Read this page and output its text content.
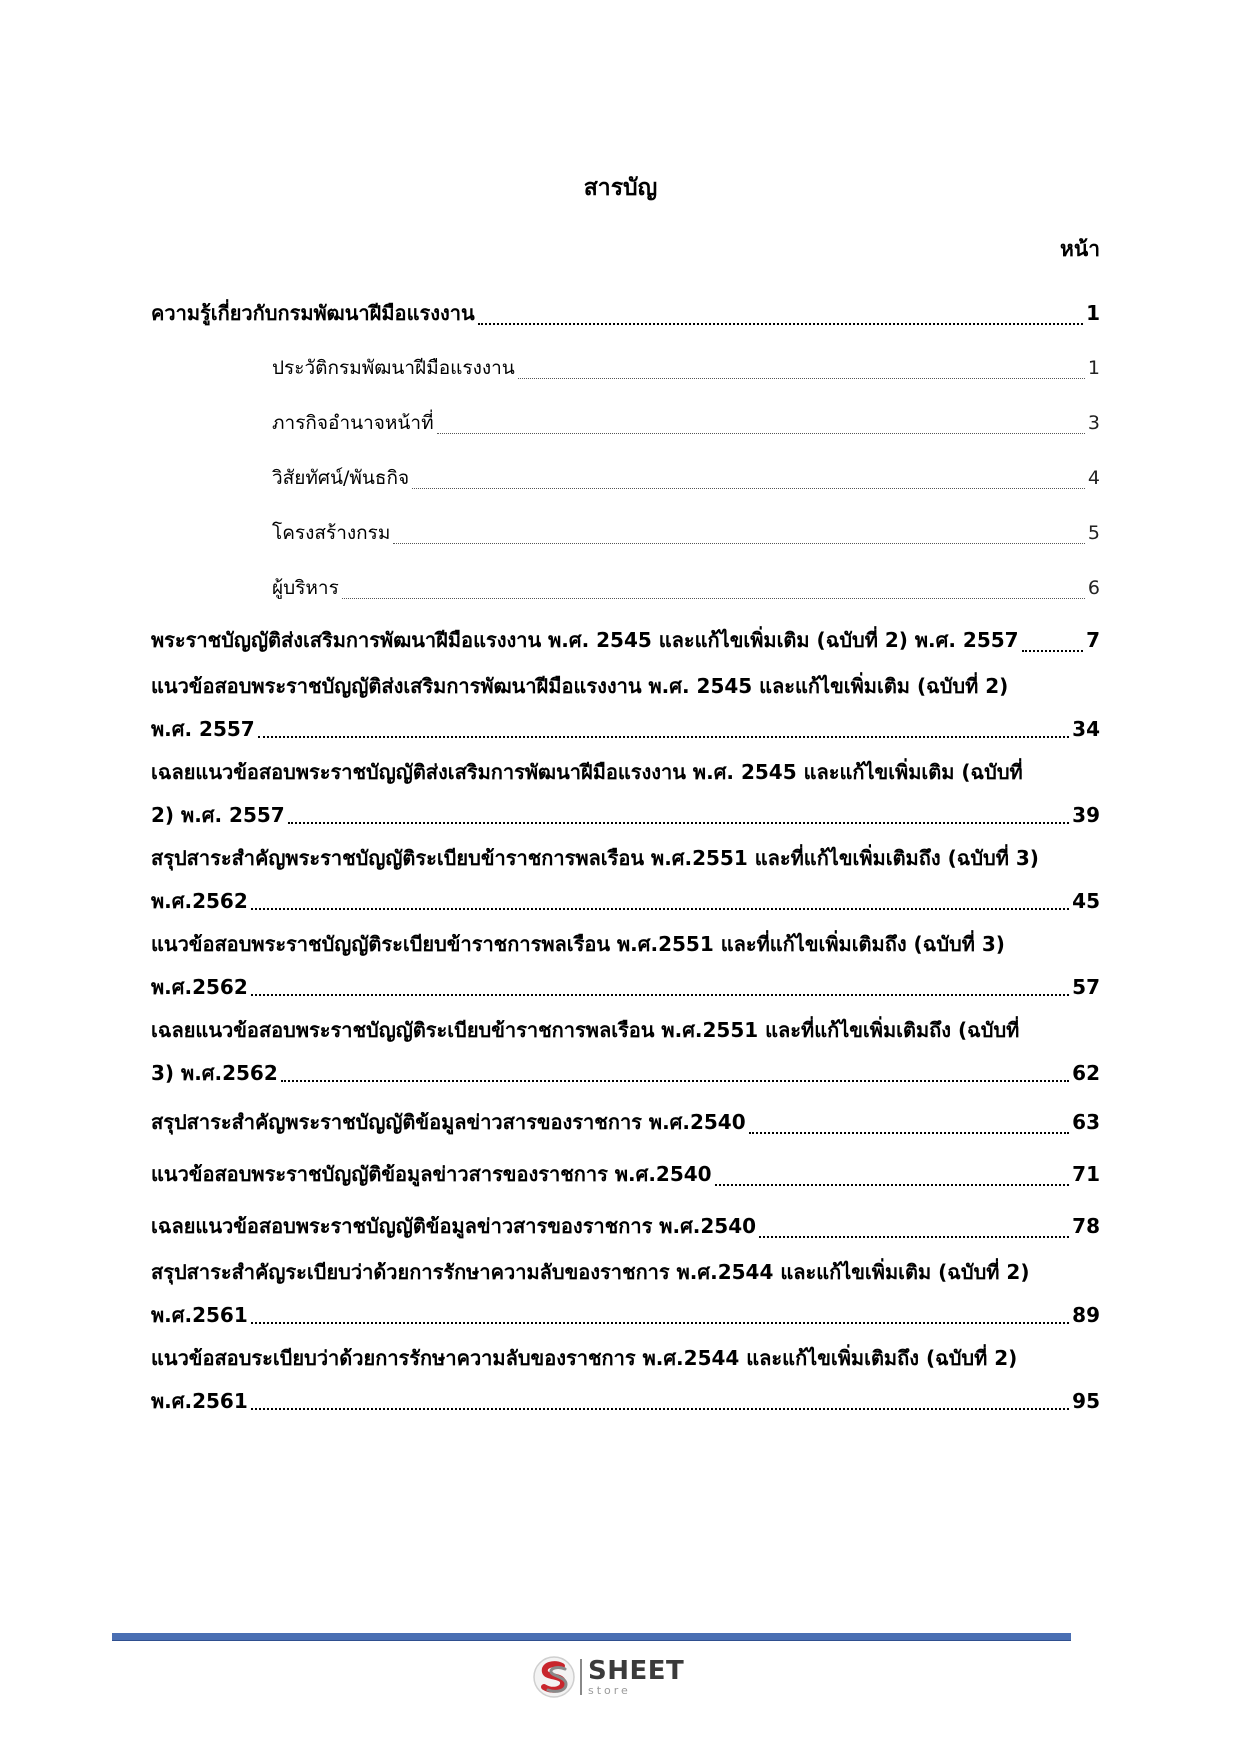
สารบัญ
หน้า
ความรู้เกี่ยวกับกรมพัฒนาฝีมือแรงงาน	1
ประวัติกรมพัฒนาฝีมือแรงงาน	1
ภารกิจอำนาจหน้าที่	3
วิสัยทัศน์/พันธกิจ	4
โครงสร้างกรม	5
ผู้บริหาร	6
พระราชบัญญัติส่งเสริมการพัฒนาฝีมือแรงงาน พ.ศ. 2545 และแก้ไขเพิ่มเติม (ฉบับที่ 2) พ.ศ. 2557	7
แนวข้อสอบพระราชบัญญัติส่งเสริมการพัฒนาฝีมือแรงงาน พ.ศ. 2545 และแก้ไขเพิ่มเติม (ฉบับที่ 2)
พ.ศ. 2557	34
เฉลยแนวข้อสอบพระราชบัญญัติส่งเสริมการพัฒนาฝีมือแรงงาน พ.ศ. 2545 และแก้ไขเพิ่มเติม (ฉบับที่
2) พ.ศ. 2557	39
สรุปสาระสำคัญพระราชบัญญัติระเบียบข้าราชการพลเรือน พ.ศ.2551 และที่แก้ไขเพิ่มเติมถึง (ฉบับที่ 3)
พ.ศ.2562	45
แนวข้อสอบพระราชบัญญัติระเบียบข้าราชการพลเรือน พ.ศ.2551 และที่แก้ไขเพิ่มเติมถึง (ฉบับที่ 3)
พ.ศ.2562	57
เฉลยแนวข้อสอบพระราชบัญญัติระเบียบข้าราชการพลเรือน พ.ศ.2551 และที่แก้ไขเพิ่มเติมถึง (ฉบับที่
3) พ.ศ.2562	62
สรุปสาระสำคัญพระราชบัญญัติข้อมูลข่าวสารของราชการ พ.ศ.2540	63
แนวข้อสอบพระราชบัญญัติข้อมูลข่าวสารของราชการ พ.ศ.2540	71
เฉลยแนวข้อสอบพระราชบัญญัติข้อมูลข่าวสารของราชการ พ.ศ.2540	78
สรุปสาระสำคัญระเบียบว่าด้วยการรักษาความลับของราชการ พ.ศ.2544 และแก้ไขเพิ่มเติม (ฉบับที่ 2)
พ.ศ.2561	89
แนวข้อสอบระเบียบว่าด้วยการรักษาความลับของราชการ พ.ศ.2544 และแก้ไขเพิ่มเติมถึง (ฉบับที่ 2)
พ.ศ.2561	95
SHEET
store
